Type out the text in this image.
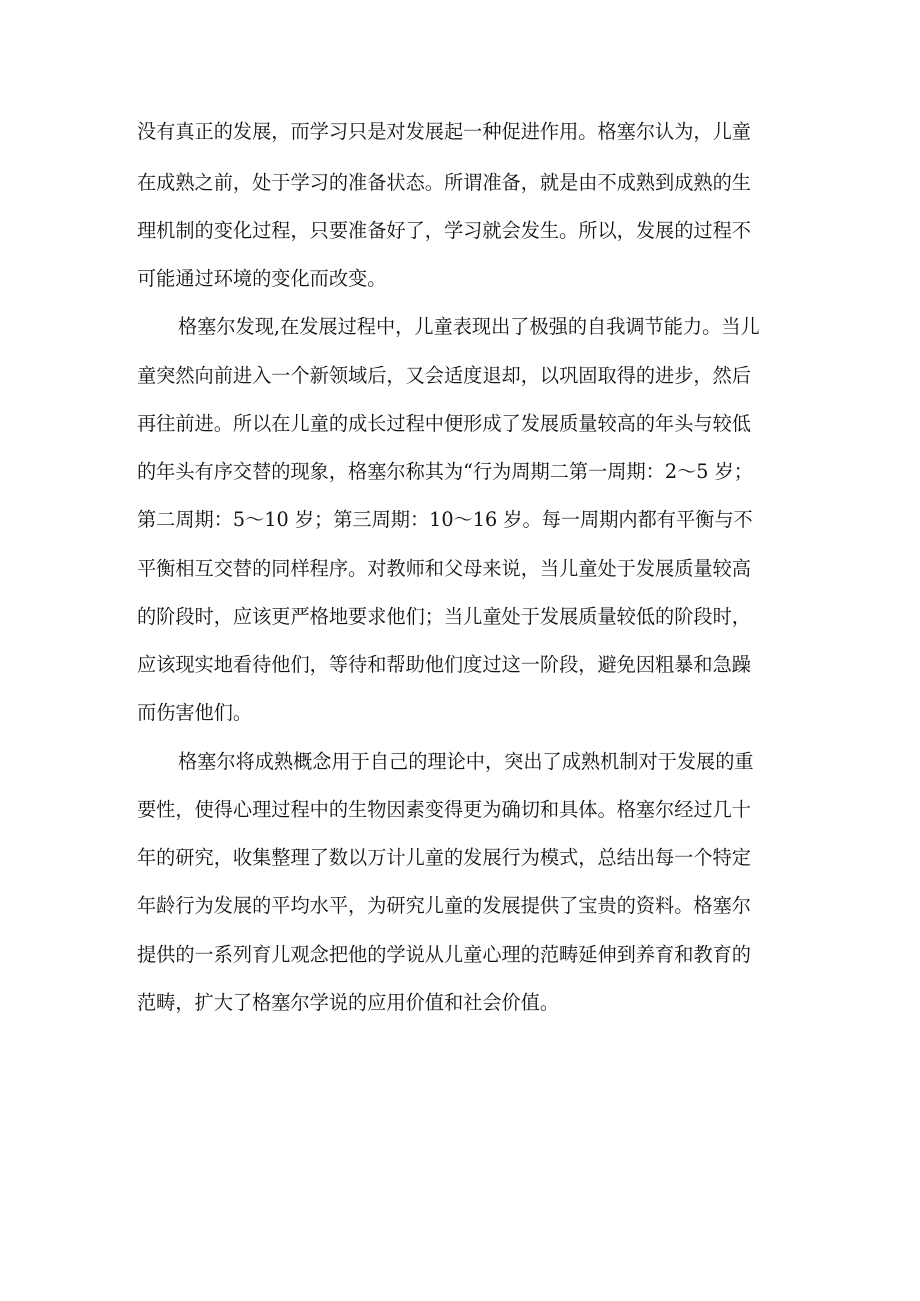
没有真正的发展，而学习只是对发展起一种促进作用。格塞尔认为，儿童
在成熟之前，处于学习的准备状态。所谓准备，就是由不成熟到成熟的生
理机制的变化过程，只要准备好了，学习就会发生。所以，发展的过程不
可能通过环境的变化而改变。
格塞尔发现,在发展过程中，儿童表现出了极强的自我调节能力。当儿
童突然向前进入一个新领域后，又会适度退却，以巩固取得的进步，然后
再往前进。所以在儿童的成长过程中便形成了发展质量较高的年头与较低
的年头有序交替的现象，格塞尔称其为“行为周期二第一周期：2～5 岁；
第二周期：5～10 岁；第三周期：10～16 岁。每一周期内都有平衡与不
平衡相互交替的同样程序。对教师和父母来说，当儿童处于发展质量较高
的阶段时，应该更严格地要求他们；当儿童处于发展质量较低的阶段时，
应该现实地看待他们，等待和帮助他们度过这一阶段，避免因粗暴和急躁
而伤害他们。
格塞尔将成熟概念用于自己的理论中，突出了成熟机制对于发展的重
要性，使得心理过程中的生物因素变得更为确切和具体。格塞尔经过几十
年的研究，收集整理了数以万计儿童的发展行为模式，总结出每一个特定
年龄行为发展的平均水平，为研究儿童的发展提供了宝贵的资料。格塞尔
提供的一系列育儿观念把他的学说从儿童心理的范畴延伸到养育和教育的
范畴，扩大了格塞尔学说的应用价值和社会价值。
